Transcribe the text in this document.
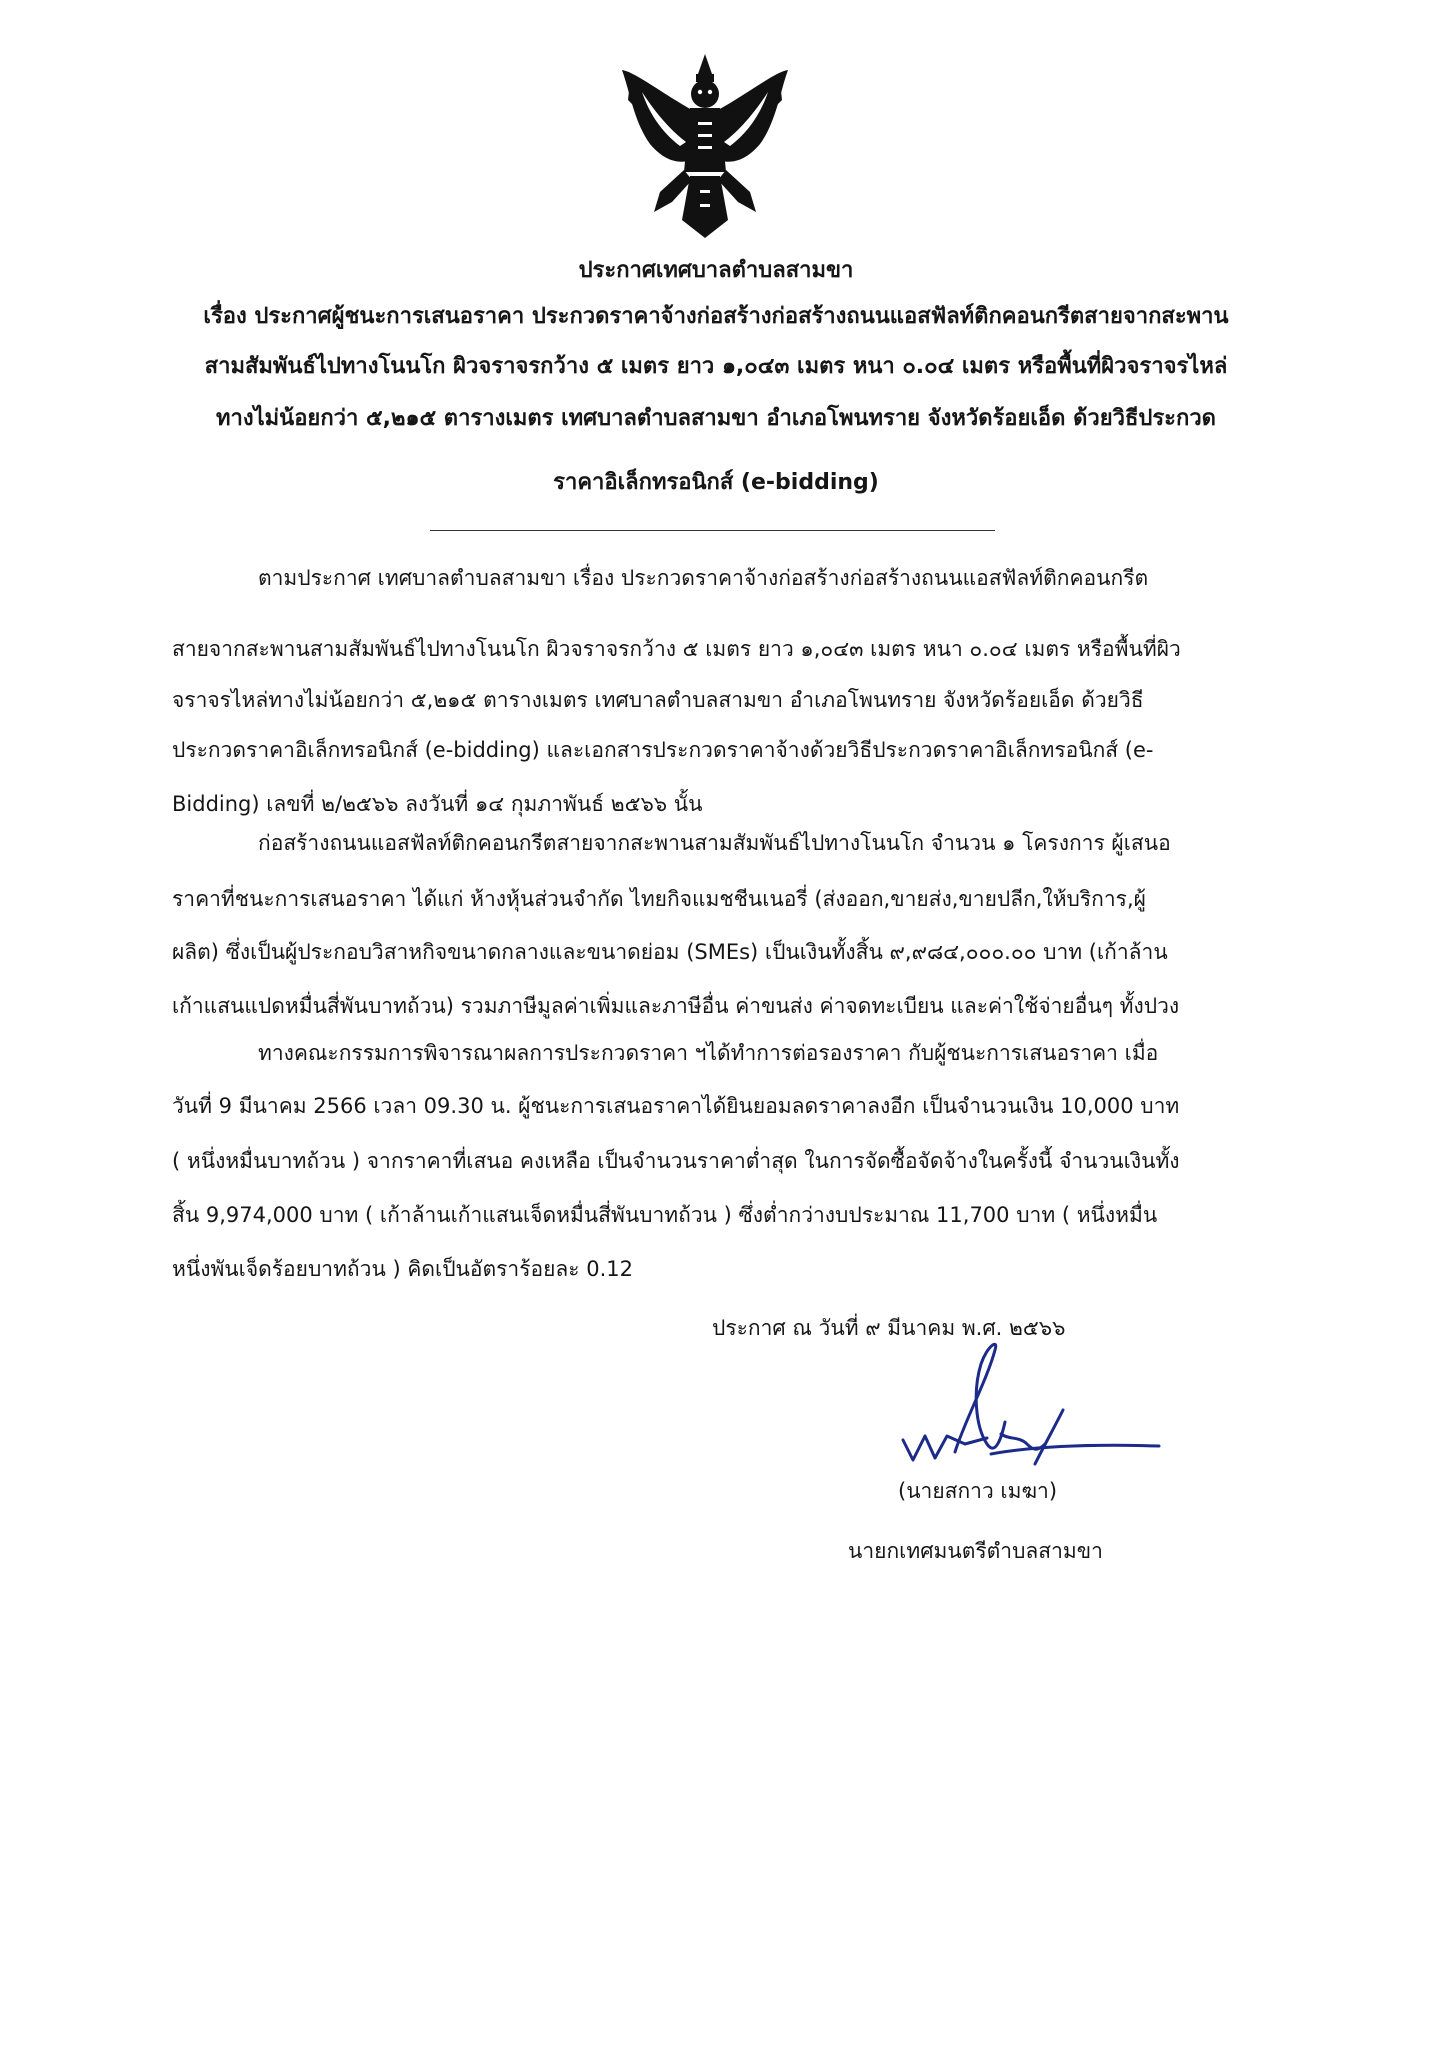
ประกาศเทศบาลตำบลสามขา
เรื่อง ประกาศผู้ชนะการเสนอราคา ประกวดราคาจ้างก่อสร้างก่อสร้างถนนแอสฟัลท์ติกคอนกรีตสายจากสะพาน
สามสัมพันธ์ไปทางโนนโก ผิวจราจรกว้าง ๕ เมตร ยาว ๑,๐๔๓ เมตร หนา ๐.๐๔ เมตร หรือพื้นที่ผิวจราจรไหล่
ทางไม่น้อยกว่า ๕,๒๑๕ ตารางเมตร เทศบาลตำบลสามขา อำเภอโพนทราย จังหวัดร้อยเอ็ด ด้วยวิธีประกวด
ราคาอิเล็กทรอนิกส์ (e-bidding)
ตามประกาศ เทศบาลตำบลสามขา เรื่อง ประกวดราคาจ้างก่อสร้างก่อสร้างถนนแอสฟัลท์ติกคอนกรีต
สายจากสะพานสามสัมพันธ์ไปทางโนนโก ผิวจราจรกว้าง ๕ เมตร ยาว ๑,๐๔๓ เมตร หนา ๐.๐๔ เมตร หรือพื้นที่ผิว
จราจรไหล่ทางไม่น้อยกว่า ๕,๒๑๕ ตารางเมตร เทศบาลตำบลสามขา อำเภอโพนทราย จังหวัดร้อยเอ็ด ด้วยวิธี
ประกวดราคาอิเล็กทรอนิกส์ (e-bidding) และเอกสารประกวดราคาจ้างด้วยวิธีประกวดราคาอิเล็กทรอนิกส์ (e-
Bidding) เลขที่ ๒/๒๕๖๖ ลงวันที่ ๑๔ กุมภาพันธ์ ๒๕๖๖ นั้น
ก่อสร้างถนนแอสฟัลท์ติกคอนกรีตสายจากสะพานสามสัมพันธ์ไปทางโนนโก จำนวน ๑ โครงการ ผู้เสนอ
ราคาที่ชนะการเสนอราคา ได้แก่ ห้างหุ้นส่วนจำกัด ไทยกิจแมชชีนเนอรี่ (ส่งออก,ขายส่ง,ขายปลีก,ให้บริการ,ผู้
ผลิต) ซึ่งเป็นผู้ประกอบวิสาหกิจขนาดกลางและขนาดย่อม (SMEs) เป็นเงินทั้งสิ้น ๙,๙๘๔,๐๐๐.๐๐ บาท (เก้าล้าน
เก้าแสนแปดหมื่นสี่พันบาทถ้วน) รวมภาษีมูลค่าเพิ่มและภาษีอื่น ค่าขนส่ง ค่าจดทะเบียน และค่าใช้จ่ายอื่นๆ ทั้งปวง
ทางคณะกรรมการพิจารณาผลการประกวดราคา ฯได้ทำการต่อรองราคา กับผู้ชนะการเสนอราคา เมื่อ
วันที่ 9 มีนาคม 2566 เวลา 09.30 น. ผู้ชนะการเสนอราคาได้ยินยอมลดราคาลงอีก เป็นจำนวนเงิน 10,000 บาท
( หนึ่งหมื่นบาทถ้วน ) จากราคาที่เสนอ คงเหลือ เป็นจำนวนราคาต่ำสุด ในการจัดซื้อจัดจ้างในครั้งนี้ จำนวนเงินทั้ง
สิ้น 9,974,000 บาท ( เก้าล้านเก้าแสนเจ็ดหมื่นสี่พันบาทถ้วน ) ซึ่งต่ำกว่างบประมาณ 11,700 บาท ( หนึ่งหมื่น
หนึ่งพันเจ็ดร้อยบาทถ้วน ) คิดเป็นอัตราร้อยละ 0.12
ประกาศ ณ วันที่ ๙ มีนาคม พ.ศ. ๒๕๖๖
(นายสกาว เมฆา)
นายกเทศมนตรีตำบลสามขา
